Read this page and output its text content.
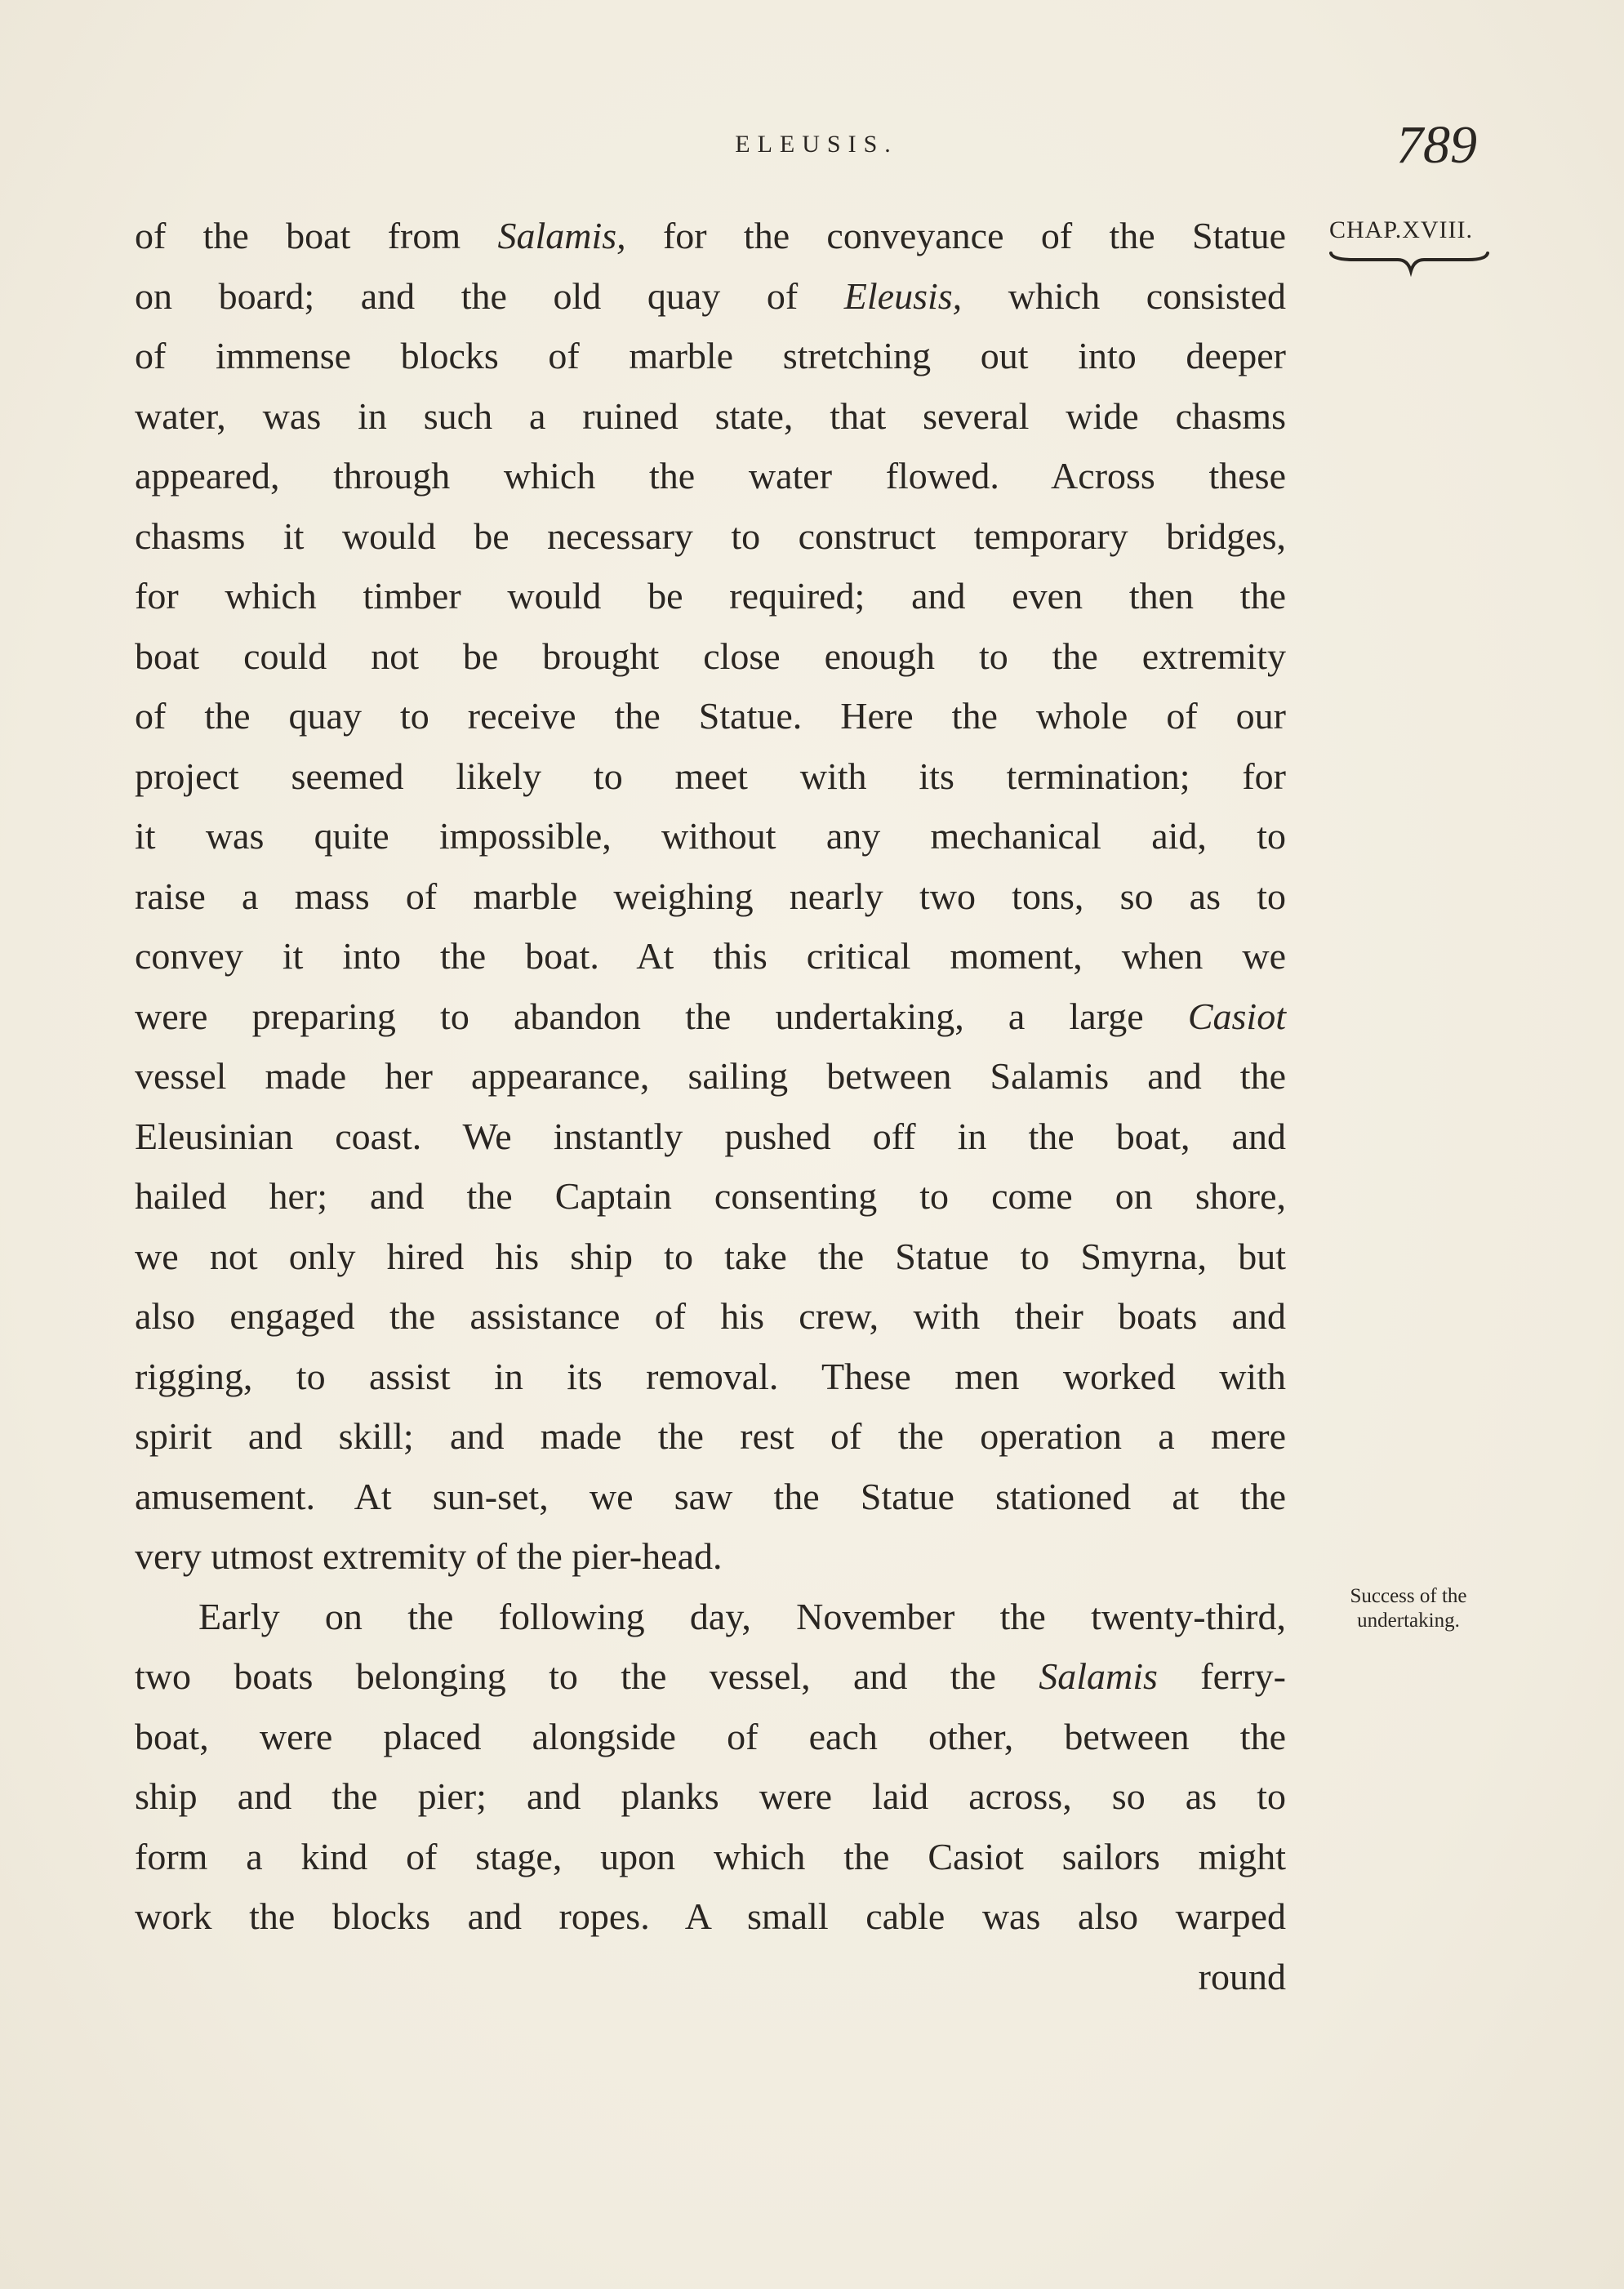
ELEUSIS.	789
CHAP.XVIII.
Success of the undertaking.
of the boat from Salamis, for the conveyance of the Statue
on board; and the old quay of Eleusis, which consisted
of immense blocks of marble stretching out into deeper
water, was in such a ruined state, that several wide chasms
appeared, through which the water flowed. Across these
chasms it would be necessary to construct temporary bridges,
for which timber would be required; and even then the
boat could not be brought close enough to the extremity
of the quay to receive the Statue. Here the whole of our
project seemed likely to meet with its termination; for
it was quite impossible, without any mechanical aid, to
raise a mass of marble weighing nearly two tons, so as to
convey it into the boat. At this critical moment, when we
were preparing to abandon the undertaking, a large Casiot
vessel made her appearance, sailing between Salamis and the
Eleusinian coast. We instantly pushed off in the boat, and
hailed her; and the Captain consenting to come on shore,
we not only hired his ship to take the Statue to Smyrna, but
also engaged the assistance of his crew, with their boats and
rigging, to assist in its removal. These men worked with
spirit and skill; and made the rest of the operation a mere
amusement. At sun-set, we saw the Statue stationed at the
very utmost extremity of the pier-head.
Early on the following day, November the twenty-third,
two boats belonging to the vessel, and the Salamis ferry-
boat, were placed alongside of each other, between the
ship and the pier; and planks were laid across, so as to
form a kind of stage, upon which the Casiot sailors might
work the blocks and ropes. A small cable was also warped
round
